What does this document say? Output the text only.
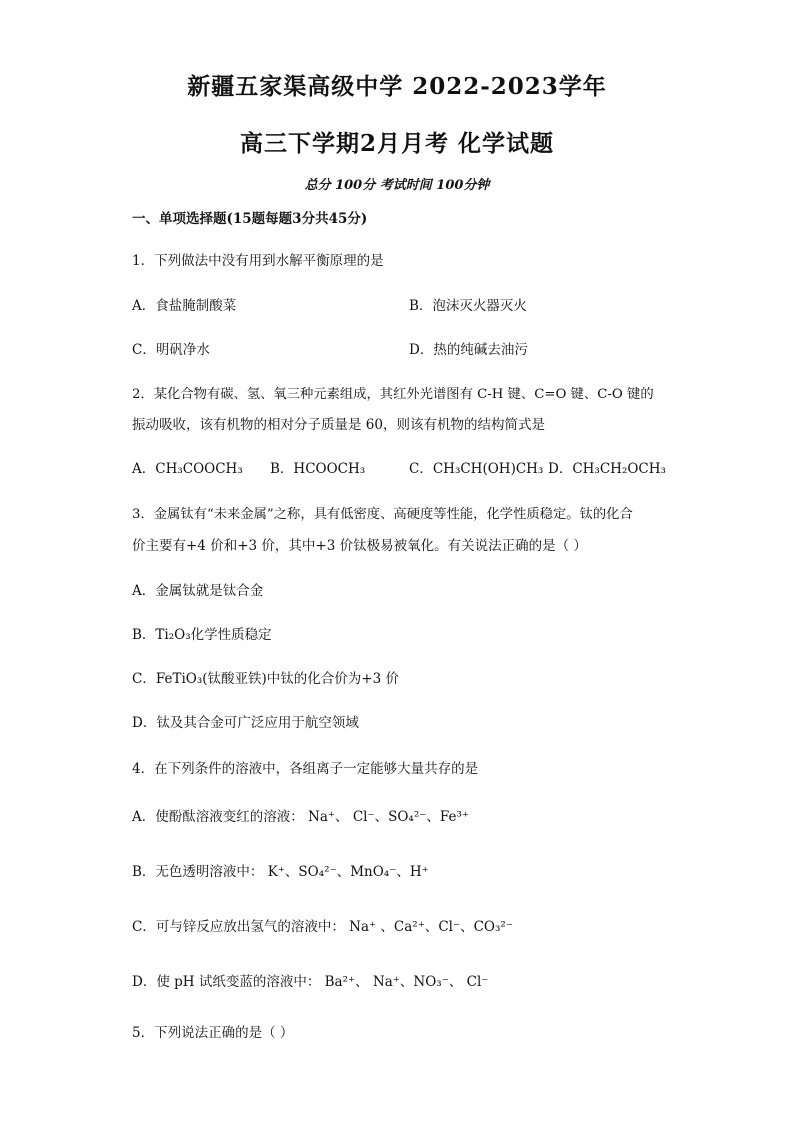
新疆五家渠高级中学 2022-2023学年
高三下学期2月月考 化学试题
总分 100分 考试时间 100分钟
一、单项选择题(15题每题3分共45分)
1．下列做法中没有用到水解平衡原理的是
A．食盐腌制酸菜	B．泡沫灭火器灭火
C．明矾净水	D．热的纯碱去油污
2．某化合物有碳、氢、氧三种元素组成，其红外光谱图有 C-H 键、C=O 键、C-O 键的
振动吸收，该有机物的相对分子质量是 60，则该有机物的结构简式是
A．CH₃COOCH₃ B．HCOOCH₃	C．CH₃CH(OH)CH₃ D．CH₃CH₂OCH₃
3．金属钛有“未来金属”之称，具有低密度、高硬度等性能，化学性质稳定。钛的化合
价主要有+4 价和+3 价，其中+3 价钛极易被氧化。有关说法正确的是（ ）
A．金属钛就是钛合金
B．Ti₂O₃化学性质稳定
C．FeTiO₃(钛酸亚铁)中钛的化合价为+3 价
D．钛及其合金可广泛应用于航空领域
4．在下列条件的溶液中，各组离子一定能够大量共存的是
A．使酚酞溶液变红的溶液： Na⁺、 Cl⁻、SO₄²⁻、Fe³⁺
B．无色透明溶液中： K⁺、SO₄²⁻、MnO₄⁻、H⁺
C．可与锌反应放出氢气的溶液中： Na⁺ 、Ca²⁺、Cl⁻、CO₃²⁻
D．使 pH 试纸变蓝的溶液中： Ba²⁺、 Na⁺、NO₃⁻、 Cl⁻
5．下列说法正确的是（ ）
